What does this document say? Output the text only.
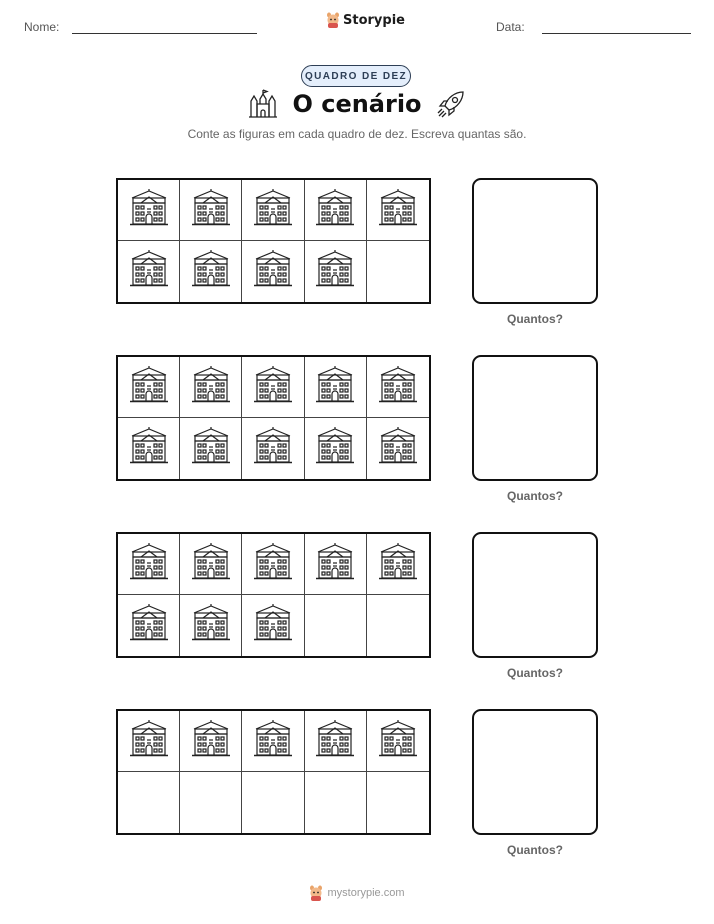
Nome:	Storypie	Data:
QUADRO DE DEZ
O cenário
Conte as figuras em cada quadro de dez. Escreva quantas são.
Quantos?
Quantos?
Quantos?
Quantos?
mystorypie.com
